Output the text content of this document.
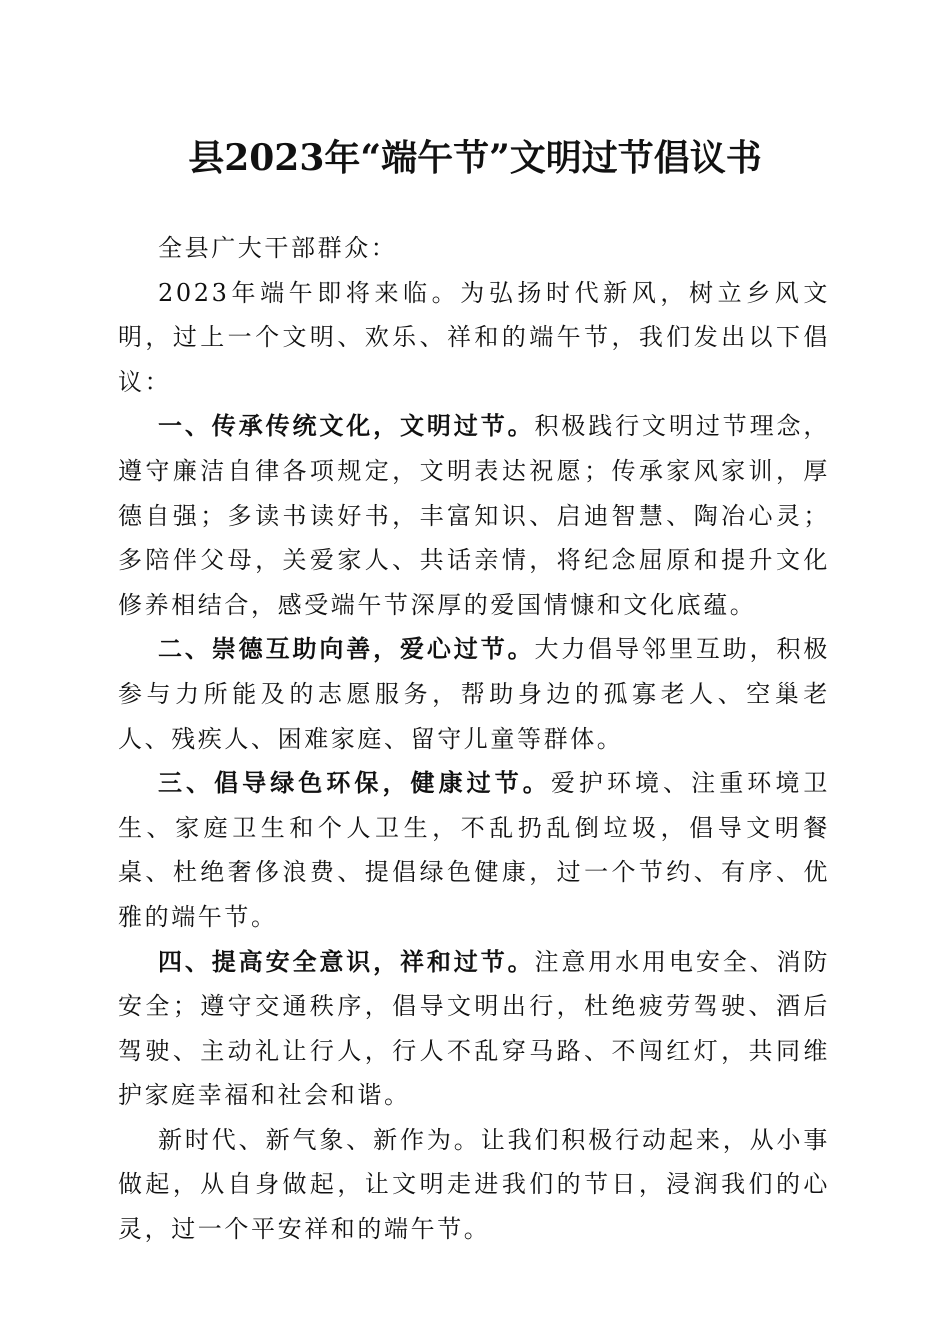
县2023年“端午节”文明过节倡议书

全县广大干部群众：

2023年端午即将来临。为弘扬时代新风，树立乡风文明，过上一个文明、欢乐、祥和的端午节，我们发出以下倡议：

一、传承传统文化，文明过节。积极践行文明过节理念，遵守廉洁自律各项规定，文明表达祝愿；传承家风家训，厚德自强；多读书读好书，丰富知识、启迪智慧、陶冶心灵；多陪伴父母，关爱家人、共话亲情，将纪念屈原和提升文化修养相结合，感受端午节深厚的爱国情慷和文化底蕴。

二、崇德互助向善，爱心过节。大力倡导邻里互助，积极参与力所能及的志愿服务，帮助身边的孤寡老人、空巢老人、残疾人、困难家庭、留守儿童等群体。

三、倡导绿色环保，健康过节。爱护环境、注重环境卫生、家庭卫生和个人卫生，不乱扔乱倒垃圾，倡导文明餐桌、杜绝奢侈浪费、提倡绿色健康，过一个节约、有序、优雅的端午节。

四、提高安全意识，祥和过节。注意用水用电安全、消防安全；遵守交通秩序，倡导文明出行，杜绝疲劳驾驶、酒后驾驶、主动礼让行人，行人不乱穿马路、不闯红灯，共同维护家庭幸福和社会和谐。

新时代、新气象、新作为。让我们积极行动起来，从小事做起，从自身做起，让文明走进我们的节日，浸润我们的心灵，过一个平安祥和的端午节。
